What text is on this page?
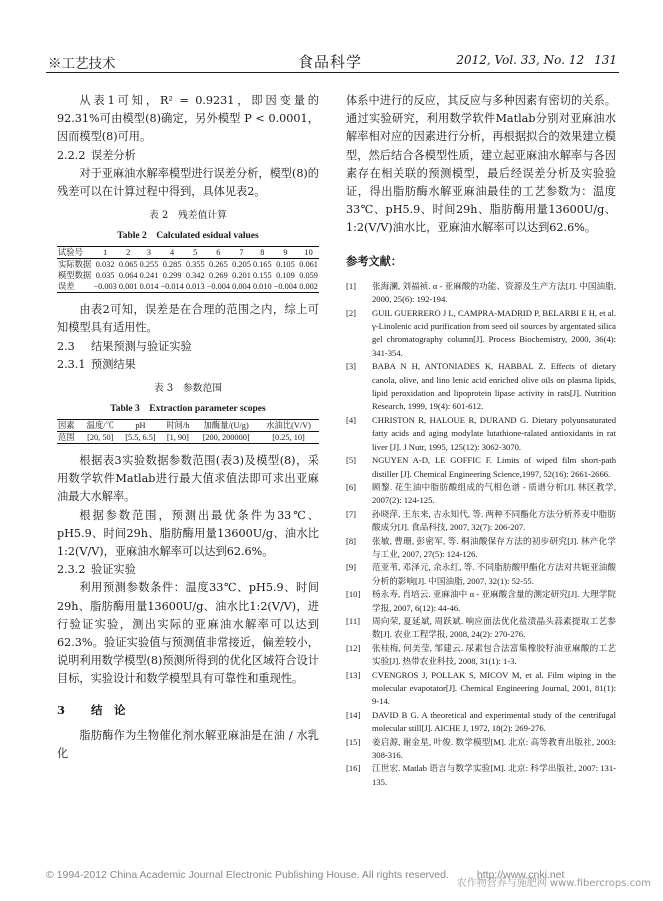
※工艺技术	食品科学	2012, Vol. 33, No. 12 131

从表1可知，R² = 0.9231，即因变量的92.31%可由模型(8)确定，另外模型 P < 0.0001，因而模型(8)可用。

2.2.2 误差分析

对于亚麻油水解率模型进行误差分析，模型(8)的残差可以在计算过程中得到，具体见表2。

表 2　残差值计算
Table 2　Calculated esidual values
试验号	1	2	3	4	5	6	7	8	9	10
实际数据	0.032	0.065	0.255	0.285	0.355	0.265	0.205	0.165	0.105	0.061
模型数据	0.035	0.064	0.241	0.299	0.342	0.269	0.201	0.155	0.109	0.059
误差	−0.003	0.001	0.014	−0.014	0.013	−0.004	0.004	0.010	−0.004	0.002

由表2可知，误差是在合理的范围之内，综上可知模型具有适用性。

2.3 结果预测与验证实验
2.3.1 预测结果
表 3　参数范围
Table 3　Extraction parameter scopes
因素	温度/℃	pH	时间/h	加酶量/(U/g)	水油比(V/V)
范围	[20, 50]	[5.5, 6.5]	[1, 90]	[200, 200000]	[0.25, 10]

根据表3实验数据参数范围(表3)及模型(8)，采用数学软件Matlab进行最大值求值法即可求出亚麻油最大水解率。

根据参数范围，预测出最优条件为33℃、pH5.9、时间29h、脂肪酶用量13600U/g、油水比1:2(V/V)，亚麻油水解率可以达到62.6%。

2.3.2 验证实验

利用预测参数条件：温度33℃、pH5.9、时间29h、脂肪酶用量13600U/g、油水比1:2(V/V)，进行验证实验，测出实际的亚麻油水解率可以达到62.3%。验证实验值与预测值非常接近，偏差较小，说明利用数学模型(8)预测所得到的优化区域符合设计目标，实验设计和数学模型具有可靠性和重现性。

3 结　论

脂肪酶作为生物催化剂水解亚麻油是在油 / 水乳化

体系中进行的反应，其反应与多种因素有密切的关系。通过实验研究，利用数学软件Matlab分别对亚麻油水解率相对应的因素进行分析，再根据拟合的效果建立模型，然后结合各模型性质，建立起亚麻油水解率与各因素存在相关联的预测模型，最后经误差分析及实验验证，得出脂肪酶水解亚麻油最佳的工艺参数为：温度33℃、pH5.9、时间29h、脂肪酶用量13600U/g、1:2(V/V)油水比，亚麻油水解率可以达到62.6%。

参考文献：
[1]	张海澜, 刘福祯. α - 亚麻酸的功能、资源及生产方法[J]. 中国油脂, 2000, 25(6): 192-194.
[2]	GUIL GUERRERO J L, CAMPRA-MADRID P, BELARBI E H, et al. γ-Linolenic acid purification from seed oil sources by argentated silica gel chromatography column[J]. Process Biochemistry, 2000, 36(4): 341-354.
[3]	BABA N H, ANTONIADES K, HABBAL Z. Effects of dietary canola, olive, and lino lenic acid enriched olive oils on plasma lipids, lipid peroxidation and lipoprotein lipase activity in rats[J]. Nutrition Research, 1999, 19(4): 601-612.
[4]	CHRISTON R, HALOUE R, DURAND G. Dietary polyunsaturated fatty acids and aging modylate lutathione-ralated antioxidants in rat liver [J]. J Nutr, 1995, 125(12): 3062-3070.
[5]	NGUYEN A-D, LE GOFFIC F. Limits of wiped film short-path distiller [J]. Chemical Engineering Science,1997, 52(16): 2661-2666.
[6]	顾黎. 花生油中脂肪酸组成的气相色谱 - 质谱分析[J]. 林区教学, 2007(2): 124-125.
[7]	孙晓萍, 王东来, 吉永知代, 等. 两种不同酯化方法分析荞麦中脂肪酸成分[J]. 食品科技, 2007, 32(7): 206-207.
[8]	张敏, 曹珊, 彭密军, 等. 桐油酸保存方法的初步研究[J]. 林产化学与工业, 2007, 27(5): 124-126.
[9]	范亚苇, 邓泽元, 余永红, 等. 不同脂肪酸甲酯化方法对共轭亚油酸分析的影响[J]. 中国油脂, 2007, 32(1): 52-55.
[10]	杨永寿, 肖培云. 亚麻油中 α - 亚麻酸含量的测定研究[J]. 大理学院学报, 2007, 6(12): 44-46.
[11]	周向荣, 夏延斌, 周跃斌. 响应面法优化盐渍晶头蒜素提取工艺参数[J]. 农业工程学报, 2008, 24(2): 270-276.
[12]	张桂梅, 何美莹, 邹建云. 尿素包合法富集橡胶籽油亚麻酸的工艺实验[J]. 热带农业科技, 2008, 31(1): 1-3.
[13]	CVENGROS J, POLLAK S, MICOV M, et al. Film wiping in the molecular evapotator[J]. Chemical Engineering Journal, 2001, 81(1): 9-14.
[14]	DAVID B G. A theoretical and experimental study of the centrifugal molecular still[J]. AICHE J, 1972, 18(2): 269-276.
[15]	姜启源, 谢金星, 叶俊. 数学模型[M]. 北京: 高等教育出版社, 2003: 308-316.
[16]	江世宏. Matlab 语言与数学实验[M]. 北京: 科学出版社, 2007: 131-135.
© 1994-2012 China Academic Journal Electronic Publishing House. All rights reserved.	http://www.cnki.net
农作物营养与施肥网 www.fibercrops.com
